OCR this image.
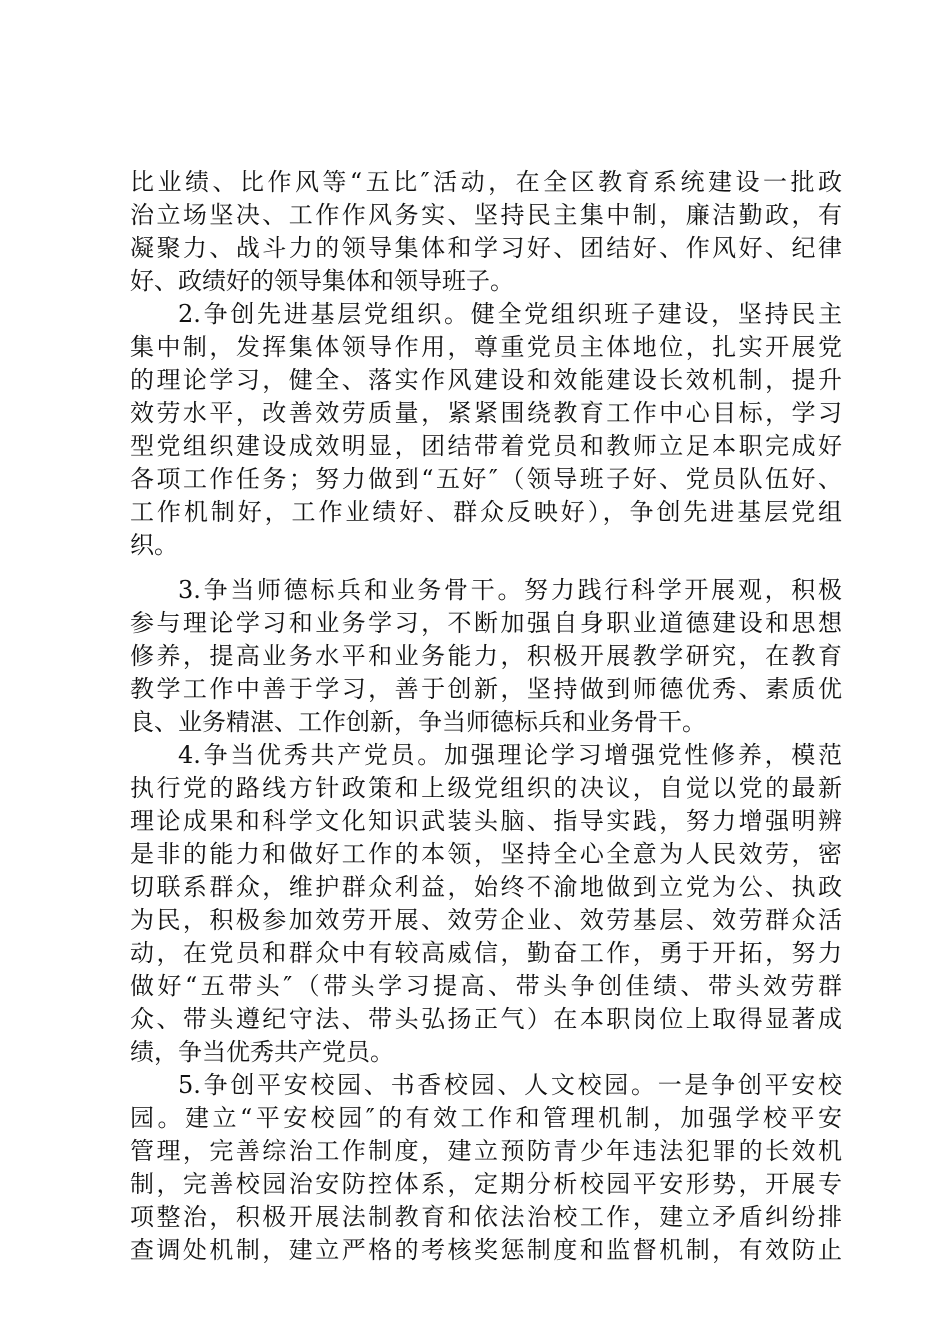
比业绩、比作风等“五比″活动，在全区教育系统建设一批政
治立场坚决、工作作风务实、坚持民主集中制，廉洁勤政，有
凝聚力、战斗力的领导集体和学习好、团结好、作风好、纪律
好、政绩好的领导集体和领导班子。
2.争创先进基层党组织。健全党组织班子建设，坚持民主
集中制，发挥集体领导作用，尊重党员主体地位，扎实开展党
的理论学习，健全、落实作风建设和效能建设长效机制，提升
效劳水平，改善效劳质量，紧紧围绕教育工作中心目标，学习
型党组织建设成效明显，团结带着党员和教师立足本职完成好
各项工作任务；努力做到“五好″（领导班子好、党员队伍好、
工作机制好，工作业绩好、群众反映好），争创先进基层党组
织。
3.争当师德标兵和业务骨干。努力践行科学开展观，积极
参与理论学习和业务学习，不断加强自身职业道德建设和思想
修养，提高业务水平和业务能力，积极开展教学研究，在教育
教学工作中善于学习，善于创新，坚持做到师德优秀、素质优
良、业务精湛、工作创新，争当师德标兵和业务骨干。
4.争当优秀共产党员。加强理论学习增强党性修养，模范
执行党的路线方针政策和上级党组织的决议，自觉以党的最新
理论成果和科学文化知识武装头脑、指导实践，努力增强明辨
是非的能力和做好工作的本领，坚持全心全意为人民效劳，密
切联系群众，维护群众利益，始终不渝地做到立党为公、执政
为民，积极参加效劳开展、效劳企业、效劳基层、效劳群众活
动，在党员和群众中有较高威信，勤奋工作，勇于开拓，努力
做好“五带头″（带头学习提高、带头争创佳绩、带头效劳群
众、带头遵纪守法、带头弘扬正气）在本职岗位上取得显著成
绩，争当优秀共产党员。
5.争创平安校园、书香校园、人文校园。一是争创平安校
园。建立“平安校园″的有效工作和管理机制，加强学校平安
管理，完善综治工作制度，建立预防青少年违法犯罪的长效机
制，完善校园治安防控体系，定期分析校园平安形势，开展专
项整治，积极开展法制教育和依法治校工作，建立矛盾纠纷排
查调处机制，建立严格的考核奖惩制度和监督机制，有效防止
